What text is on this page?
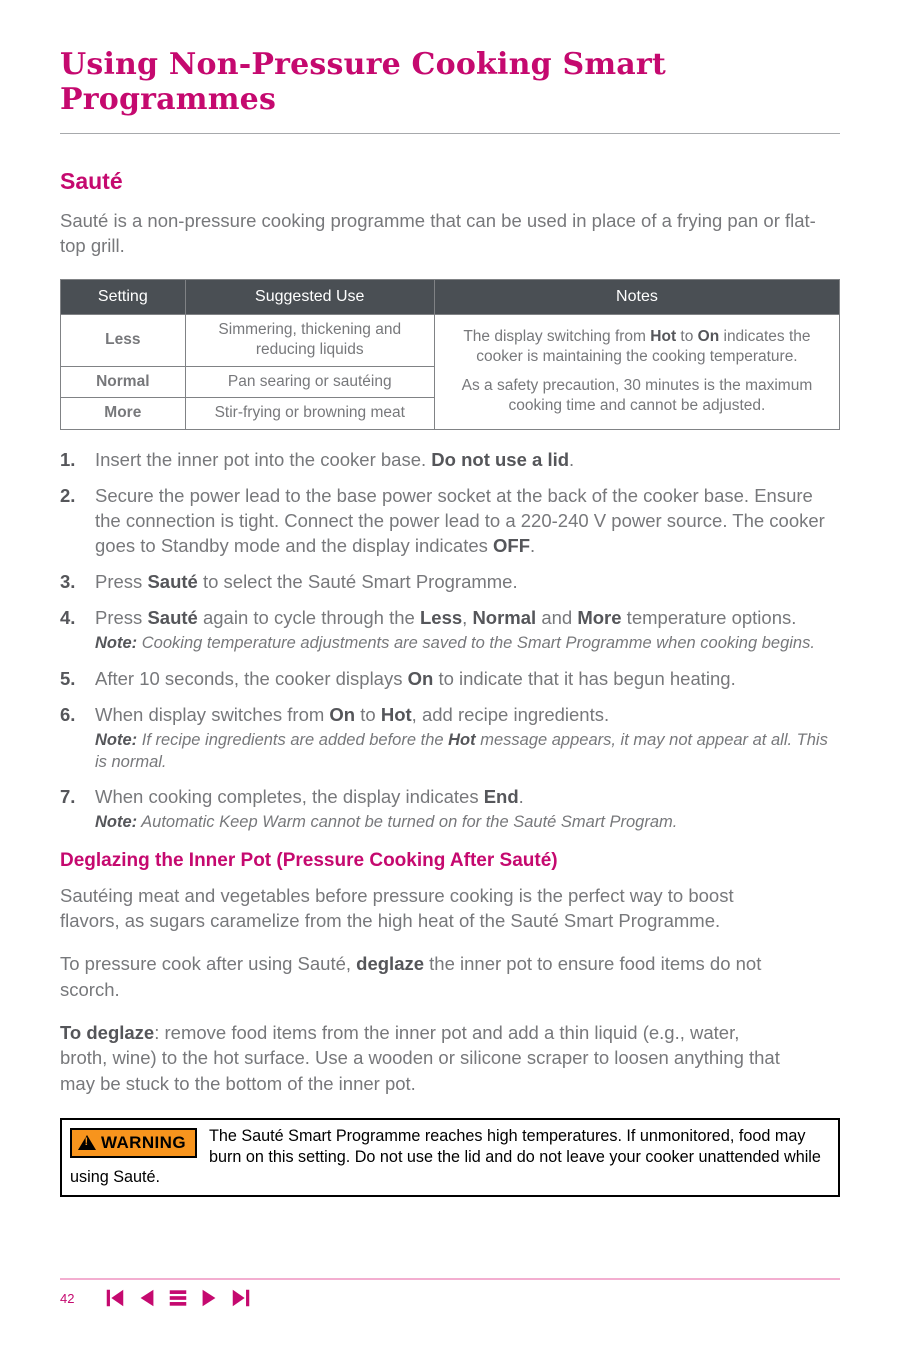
Using Non-Pressure Cooking Smart Programmes
Sauté
Sauté is a non-pressure cooking programme that can be used in place of a frying pan or flat-top grill.
Setting	Suggested Use	Notes
Less	Simmering, thickening and reducing liquids	The display switching from Hot to On indicates the cooker is maintaining the cooking temperature.

As a safety precaution, 30 minutes is the maximum cooking time and cannot be adjusted.

Normal	Pan searing or sautéing	
More	Stir-frying or browning meat	
1.	Insert the inner pot into the cooker base. Do not use a lid.
2.	Secure the power lead to the base power socket at the back of the cooker base. Ensure the connection is tight. Connect the power lead to a 220-240 V power source. The cooker goes to Standby mode and the display indicates OFF.
3.	Press Sauté to select the Sauté Smart Programme.
4.	Press Sauté again to cycle through the Less, Normal and More temperature options.
Note: Cooking temperature adjustments are saved to the Smart Programme when cooking begins.
5.	After 10 seconds, the cooker displays On to indicate that it has begun heating.
6.	When display switches from On to Hot, add recipe ingredients.
Note: If recipe ingredients are added before the Hot message appears, it may not appear at all. This is normal.
7.	When cooking completes, the display indicates End.
Note: Automatic Keep Warm cannot be turned on for the Sauté Smart Program.
Deglazing the Inner Pot (Pressure Cooking After Sauté)
Sautéing meat and vegetables before pressure cooking is the perfect way to boost flavors, as sugars caramelize from the high heat of the Sauté Smart Programme.
To pressure cook after using Sauté, deglaze the inner pot to ensure food items do not scorch.
To deglaze: remove food items from the inner pot and add a thin liquid (e.g., water, broth, wine) to the hot surface. Use a wooden or silicone scraper to loosen anything that may be stuck to the bottom of the inner pot.
!
WARNING The Sauté Smart Programme reaches high temperatures. If unmonitored, food may burn on this setting. Do not use the lid and do not leave your cooker unattended while using Sauté.
42
